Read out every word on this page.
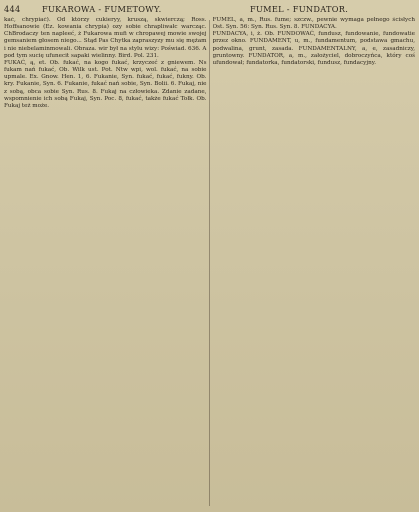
444	FUKAROWA - FUMETOWY.	FUMEL - FUNDATOR.

kać, chrypiać). Od którzy cukieryy, kruszą, skwierczą; Ross. Hoffsanowie (Ez. kowania chrypia) ozy sobie chrapliwałc warcząc. ChBrodaczy ten napleeć, ż Fukarowa mufi w chropawej mowie swojej gemsaniem głosem niego... Stąd Pas Chytka zapraszyzy mu się mężam i nie niebelaminmowali. Obraza. wir był na stylu wizy: Poświad. 636. A pod tym sucię ufunecit sapaki wielinny. Bird. Pol. 231.

FUKAĆ, ą, et. Ob. fukać, na kogo fukać, krzyczeć z gniewem. Ns fukam nań fukać, Ob. Wilk ust. Pot. Ntw wpi, wol. fukać, na sobie upmale. Ex. Gnow. Hen. 1, 6. Fukanie, Syn. fukać, fukać, fukny. Ob. kry. Fukanie, Syn. 6. Fukanie, fukać nań sobie, Syn. Bolii. 6. Fukaj, nie z sobą, obca sobie Syn. Rus. 8. Fukaj na człowieka. Zdanie zadane, wspomnienie ich sobą Fukaj, Syn. Poc. 8, fukać, także fukać Tołk. Ob. Fukaj też może.

FUMEL, a, m., Rus. fume; szczw., pewnie wymaga pełnego ścisłych Ost. Syn. 56: Syn. Rus. Syn. 8. FUNDACYA.

FUNDACYA, i, ż. Ob. FUNDOWAĆ, fundusz, fundowanie, fundowatie przez okno. FUNDAMENT, u, m., fundamentum, podstawa gmachu, podwalina, grunt, zasada. FUNDAMENTALNY, a, e, zasadniczy, gruntowny. FUNDATOR, a, m., założyciel, dobroczyńca, który coś ufundował; fundatorka, fundatorski, fundusz, fundacyjny.
